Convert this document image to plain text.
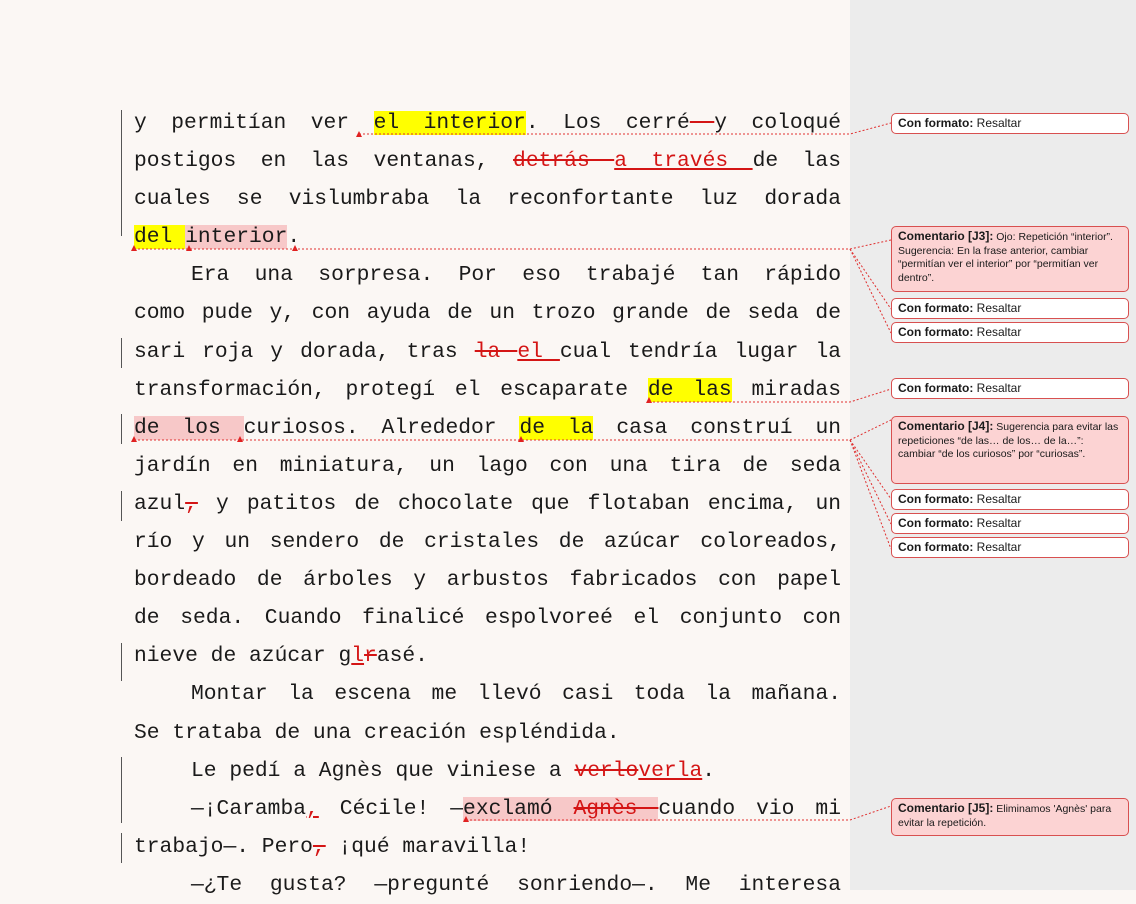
y permitían ver el interior. Los cerré y coloqué
postigos en las ventanas, detrás a través de las
cuales se vislumbraba la reconfortante luz dorada
del interior.
Era una sorpresa. Por eso trabajé tan rápido
como pude y, con ayuda de un trozo grande de seda de
sari roja y dorada, tras la el cual tendría lugar la
transformación, protegí el escaparate de las miradas
de los curiosos. Alrededor de la casa construí un
jardín en miniatura, un lago con una tira de seda
azul, y patitos de chocolate que flotaban encima, un
río y un sendero de cristales de azúcar coloreados,
bordeado de árboles y arbustos fabricados con papel
de seda. Cuando finalicé espolvoreé el conjunto con
nieve de azúcar glrasé.
Montar la escena me llevó casi toda la mañana.
Se trataba de una creación espléndida.
Le pedí a Agnès que viniese a verloverla.
—¡Caramba, Cécile! —exclamó Agnès cuando vio mi
trabajo—. Pero, ¡qué maravilla!
—¿Te gusta? —pregunté sonriendo—. Me interesa
Con formato: Resaltar
Comentario [J3]: Ojo: Repetición “interior”. Sugerencia: En la frase anterior, cambiar “permitían ver el interior” por “permitían ver dentro”.
Con formato: Resaltar
Con formato: Resaltar
Con formato: Resaltar
Comentario [J4]: Sugerencia para evitar las repeticiones “de las… de los… de la…”: cambiar “de los curiosos” por “curiosas”.
Con formato: Resaltar
Con formato: Resaltar
Con formato: Resaltar
Comentario [J5]: Eliminamos 'Agnès' para evitar la repetición.
